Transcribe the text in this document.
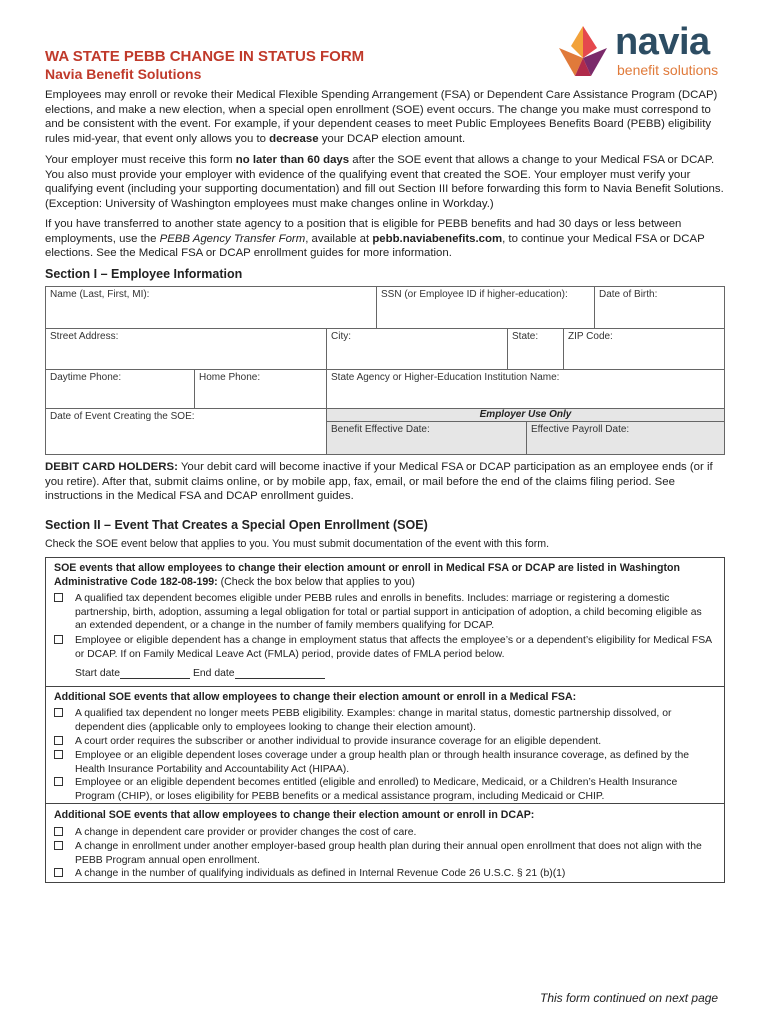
WA STATE PEBB CHANGE IN STATUS FORM
Navia Benefit Solutions
navia
benefit solutions
Employees may enroll or revoke their Medical Flexible Spending Arrangement (FSA) or Dependent Care Assistance Program (DCAP) elections, and make a new election, when a special open enrollment (SOE) event occurs. The change you make must correspond to and be consistent with the event. For example, if your dependent ceases to meet Public Employees Benefits Board (PEBB) eligibility rules mid-year, that event only allows you to decrease your DCAP election amount.
Your employer must receive this form no later than 60 days after the SOE event that allows a change to your Medical FSA or DCAP. You also must provide your employer with evidence of the qualifying event that created the SOE. Your employer must verify your qualifying event (including your supporting documentation) and fill out Section III before forwarding this form to Navia Benefit Solutions. (Exception: University of Washington employees must make changes online in Workday.)
If you have transferred to another state agency to a position that is eligible for PEBB benefits and had 30 days or less between employments, use the PEBB Agency Transfer Form, available at pebb.naviabenefits.com, to continue your Medical FSA or DCAP elections. See the Medical FSA or DCAP enrollment guides for more information.
Section I – Employee Information
Name (Last, First, MI):	SSN (or Employee ID if higher-education):	Date of Birth:
Street Address:	City:	State:	ZIP Code:
Daytime Phone:	Home Phone:	State Agency or Higher-Education Institution Name:
Date of Event Creating the SOE:	Employer Use Only
Benefit Effective Date:	Effective Payroll Date:
DEBIT CARD HOLDERS: Your debit card will become inactive if your Medical FSA or DCAP participation as an employee ends (or if you retire). After that, submit claims online, or by mobile app, fax, email, or mail before the end of the claims filing period. See instructions in the Medical FSA and DCAP enrollment guides.
Section II – Event That Creates a Special Open Enrollment (SOE)
Check the SOE event below that applies to you. You must submit documentation of the event with this form.
SOE events that allow employees to change their election amount or enroll in Medical FSA or DCAP are listed in Washington Administrative Code 182-08-199: (Check the box below that applies to you)
A qualified tax dependent becomes eligible under PEBB rules and enrolls in benefits. Includes: marriage or registering a domestic partnership, birth, adoption, assuming a legal obligation for total or partial support in anticipation of adoption, a child becoming eligible as an extended dependent, or a change in the number of family members qualifying for DCAP.
Employee or eligible dependent has a change in employment status that affects the employee’s or a dependent’s eligibility for Medical FSA or DCAP. If on Family Medical Leave Act (FMLA) period, provide dates of FMLA period below.
Start date	End date
Additional SOE events that allow employees to change their election amount or enroll in a Medical FSA:
A qualified tax dependent no longer meets PEBB eligibility. Examples: change in marital status, domestic partnership dissolved, or dependent dies (applicable only to employees looking to change their election amount).
A court order requires the subscriber or another individual to provide insurance coverage for an eligible dependent.
Employee or an eligible dependent loses coverage under a group health plan or through health insurance coverage, as defined by the Health Insurance Portability and Accountability Act (HIPAA).
Employee or an eligible dependent becomes entitled (eligible and enrolled) to Medicare, Medicaid, or a Children’s Health Insurance Program (CHIP), or loses eligibility for PEBB benefits or a medical assistance program, including Medicaid or CHIP.
Additional SOE events that allow employees to change their election amount or enroll in DCAP:
A change in dependent care provider or provider changes the cost of care.
A change in enrollment under another employer-based group health plan during their annual open enrollment that does not align with the PEBB Program annual open enrollment.
A change in the number of qualifying individuals as defined in Internal Revenue Code 26 U.S.C. § 21 (b)(1)
This form continued on next page
